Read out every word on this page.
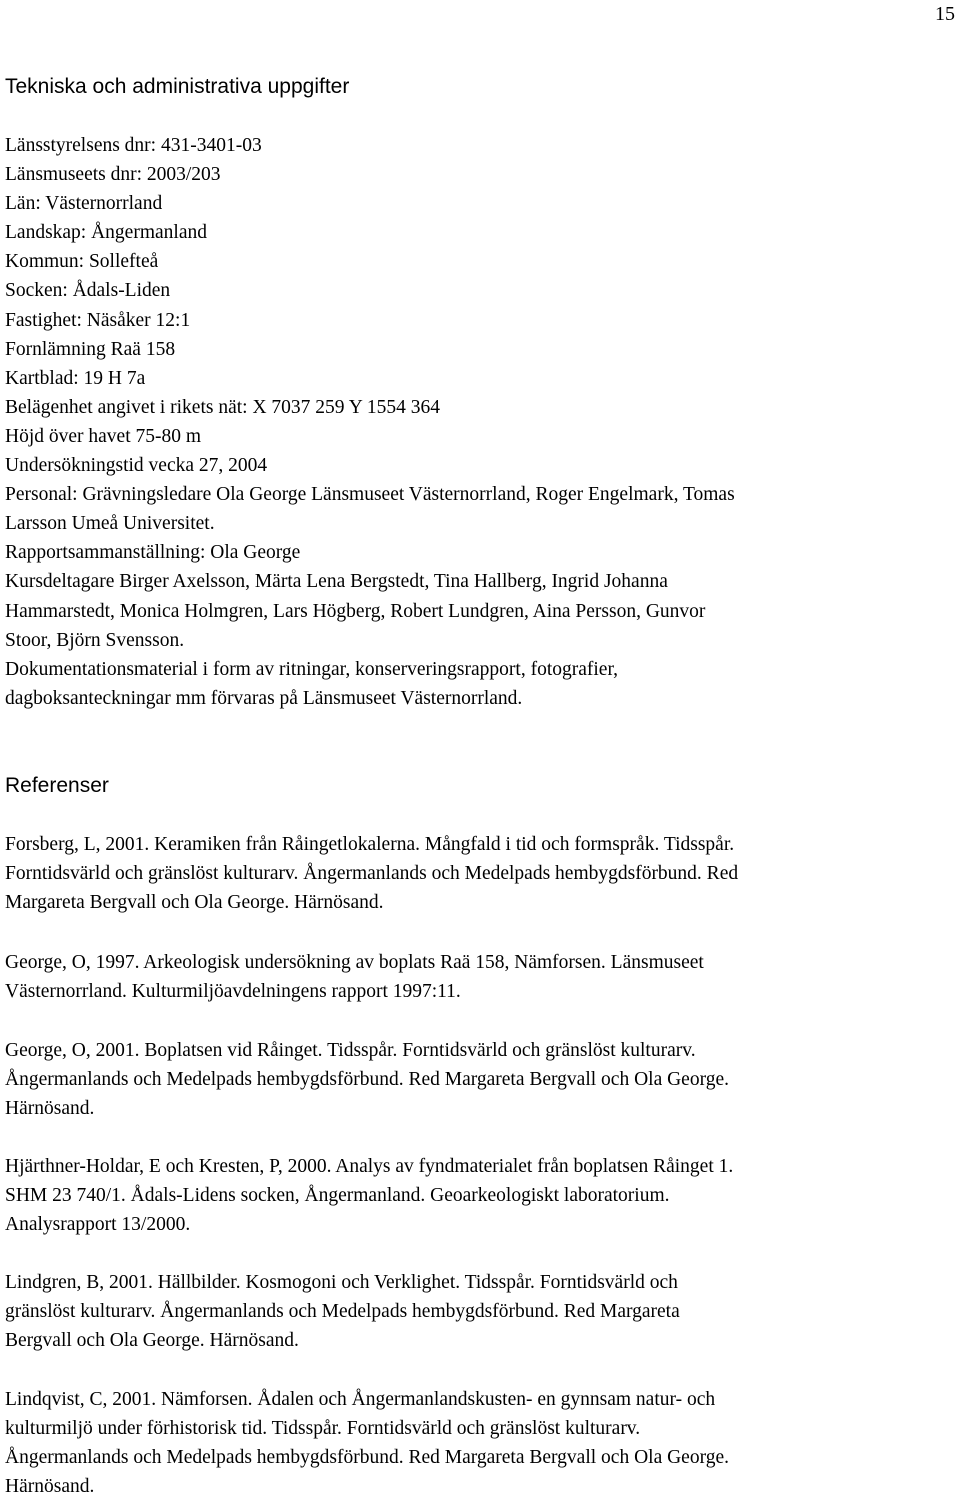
15
Tekniska och administrativa uppgifter
Länsstyrelsens dnr: 431-3401-03
Länsmuseets dnr: 2003/203
Län: Västernorrland
Landskap: Ångermanland
Kommun: Sollefteå
Socken: Ådals-Liden
Fastighet: Näsåker 12:1
Fornlämning Raä 158
Kartblad: 19 H 7a
Belägenhet angivet i rikets nät: X 7037 259 Y 1554 364
Höjd över havet 75-80 m
Undersökningstid vecka 27, 2004
Personal: Grävningsledare Ola George Länsmuseet Västernorrland, Roger Engelmark, Tomas
Larsson Umeå Universitet.
Rapportsammanställning: Ola George
Kursdeltagare Birger Axelsson, Märta Lena Bergstedt, Tina Hallberg, Ingrid Johanna
Hammarstedt, Monica Holmgren, Lars Högberg, Robert Lundgren, Aina Persson, Gunvor
Stoor, Björn Svensson.
Dokumentationsmaterial i form av ritningar, konserveringsrapport, fotografier,
dagboksanteckningar mm förvaras på Länsmuseet Västernorrland.
Referenser
Forsberg, L, 2001. Keramiken från Råingetlokalerna. Mångfald i tid och formspråk. Tidsspår.
Forntidsvärld och gränslöst kulturarv. Ångermanlands och Medelpads hembygdsförbund. Red
Margareta Bergvall och Ola George. Härnösand.
George, O, 1997. Arkeologisk undersökning av boplats Raä 158, Nämforsen. Länsmuseet
Västernorrland. Kulturmiljöavdelningens rapport 1997:11.
George, O, 2001. Boplatsen vid Råinget. Tidsspår. Forntidsvärld och gränslöst kulturarv.
Ångermanlands och Medelpads hembygdsförbund. Red Margareta Bergvall och Ola George.
Härnösand.
Hjärthner-Holdar, E och Kresten, P, 2000. Analys av fyndmaterialet från boplatsen Råinget 1.
SHM 23 740/1. Ådals-Lidens socken, Ångermanland. Geoarkeologiskt laboratorium.
Analysrapport 13/2000.
Lindgren, B, 2001. Hällbilder. Kosmogoni och Verklighet. Tidsspår. Forntidsvärld och
gränslöst kulturarv. Ångermanlands och Medelpads hembygdsförbund. Red Margareta
Bergvall och Ola George. Härnösand.
Lindqvist, C, 2001. Nämforsen. Ådalen och Ångermanlandskusten- en gynnsam natur- och
kulturmiljö under förhistorisk tid. Tidsspår. Forntidsvärld och gränslöst kulturarv.
Ångermanlands och Medelpads hembygdsförbund. Red Margareta Bergvall och Ola George.
Härnösand.
